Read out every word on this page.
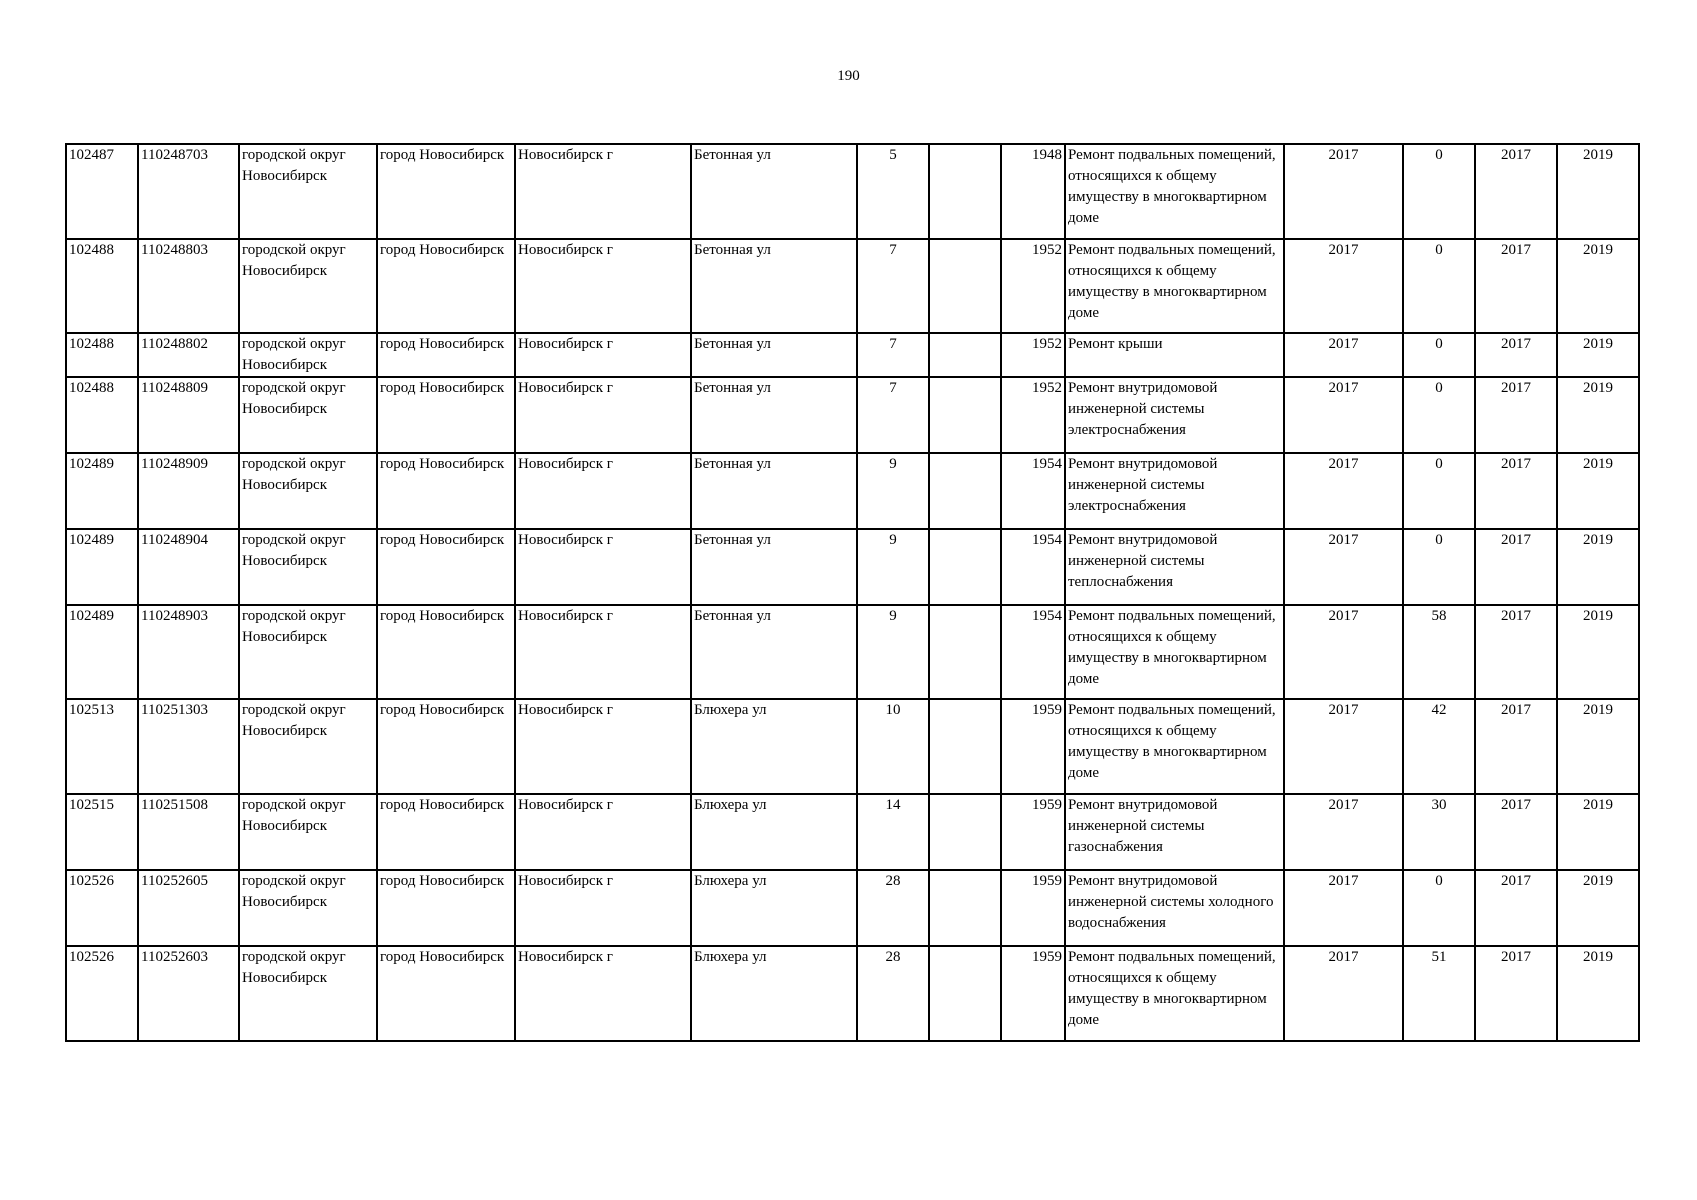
190
102487	110248703	городской округ Новосибирск	город Новосибирск	Новосибирск г	Бетонная ул	5		1948	Ремонт подвальных помещений, относящихся к общему имуществу в многоквартирном доме	2017	0	2017	2019
102488	110248803	городской округ Новосибирск	город Новосибирск	Новосибирск г	Бетонная ул	7		1952	Ремонт подвальных помещений, относящихся к общему имуществу в многоквартирном доме	2017	0	2017	2019
102488	110248802	городской округ Новосибирск	город Новосибирск	Новосибирск г	Бетонная ул	7		1952	Ремонт крыши	2017	0	2017	2019
102488	110248809	городской округ Новосибирск	город Новосибирск	Новосибирск г	Бетонная ул	7		1952	Ремонт внутридомовой инженерной системы электроснабжения	2017	0	2017	2019
102489	110248909	городской округ Новосибирск	город Новосибирск	Новосибирск г	Бетонная ул	9		1954	Ремонт внутридомовой инженерной системы электроснабжения	2017	0	2017	2019
102489	110248904	городской округ Новосибирск	город Новосибирск	Новосибирск г	Бетонная ул	9		1954	Ремонт внутридомовой инженерной системы теплоснабжения	2017	0	2017	2019
102489	110248903	городской округ Новосибирск	город Новосибирск	Новосибирск г	Бетонная ул	9		1954	Ремонт подвальных помещений, относящихся к общему имуществу в многоквартирном доме	2017	58	2017	2019
102513	110251303	городской округ Новосибирск	город Новосибирск	Новосибирск г	Блюхера ул	10		1959	Ремонт подвальных помещений, относящихся к общему имуществу в многоквартирном доме	2017	42	2017	2019
102515	110251508	городской округ Новосибирск	город Новосибирск	Новосибирск г	Блюхера ул	14		1959	Ремонт внутридомовой инженерной системы газоснабжения	2017	30	2017	2019
102526	110252605	городской округ Новосибирск	город Новосибирск	Новосибирск г	Блюхера ул	28		1959	Ремонт внутридомовой инженерной системы холодного водоснабжения	2017	0	2017	2019
102526	110252603	городской округ Новосибирск	город Новосибирск	Новосибирск г	Блюхера ул	28		1959	Ремонт подвальных помещений, относящихся к общему имуществу в многоквартирном доме	2017	51	2017	2019
